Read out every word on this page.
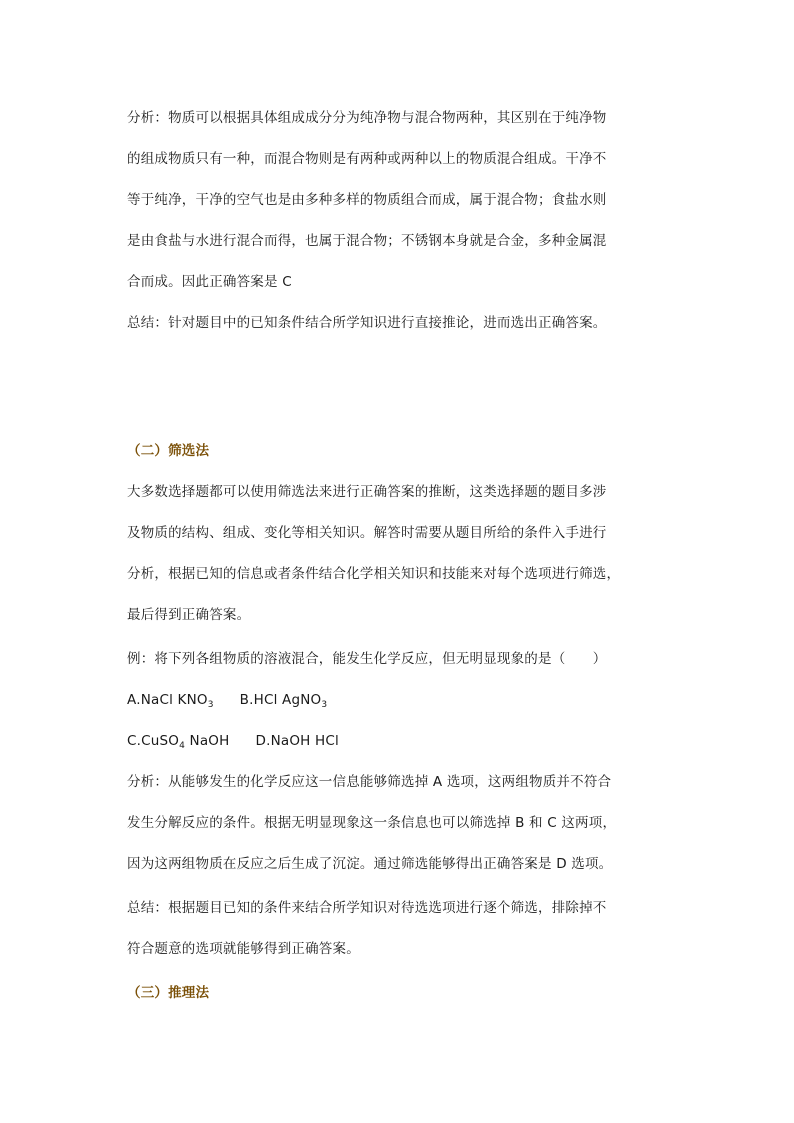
分析：物质可以根据具体组成成分分为纯净物与混合物两种，其区别在于纯净物

的组成物质只有一种，而混合物则是有两种或两种以上的物质混合组成。干净不

等于纯净，干净的空气也是由多种多样的物质组合而成，属于混合物；食盐水则

是由食盐与水进行混合而得，也属于混合物；不锈钢本身就是合金，多种金属混

合而成。因此正确答案是 C

总结：针对题目中的已知条件结合所学知识进行直接推论，进而选出正确答案。

（二）筛选法

大多数选择题都可以使用筛选法来进行正确答案的推断，这类选择题的题目多涉

及物质的结构、组成、变化等相关知识。解答时需要从题目所给的条件入手进行

分析，根据已知的信息或者条件结合化学相关知识和技能来对每个选项进行筛选，

最后得到正确答案。

例：将下列各组物质的溶液混合，能发生化学反应，但无明显现象的是（　　）

A.NaCl $KNO_3$ B.HCl AgNO$_3$

C.CuSO$_4$ NaOH D.NaOH HCl

分析：从能够发生的化学反应这一信息能够筛选掉 A 选项，这两组物质并不符合

发生分解反应的条件。根据无明显现象这一条信息也可以筛选掉 B 和 C 这两项，

因为这两组物质在反应之后生成了沉淀。通过筛选能够得出正确答案是 D 选项。

总结：根据题目已知的条件来结合所学知识对待选选项进行逐个筛选，排除掉不

符合题意的选项就能够得到正确答案。

（三）推理法
